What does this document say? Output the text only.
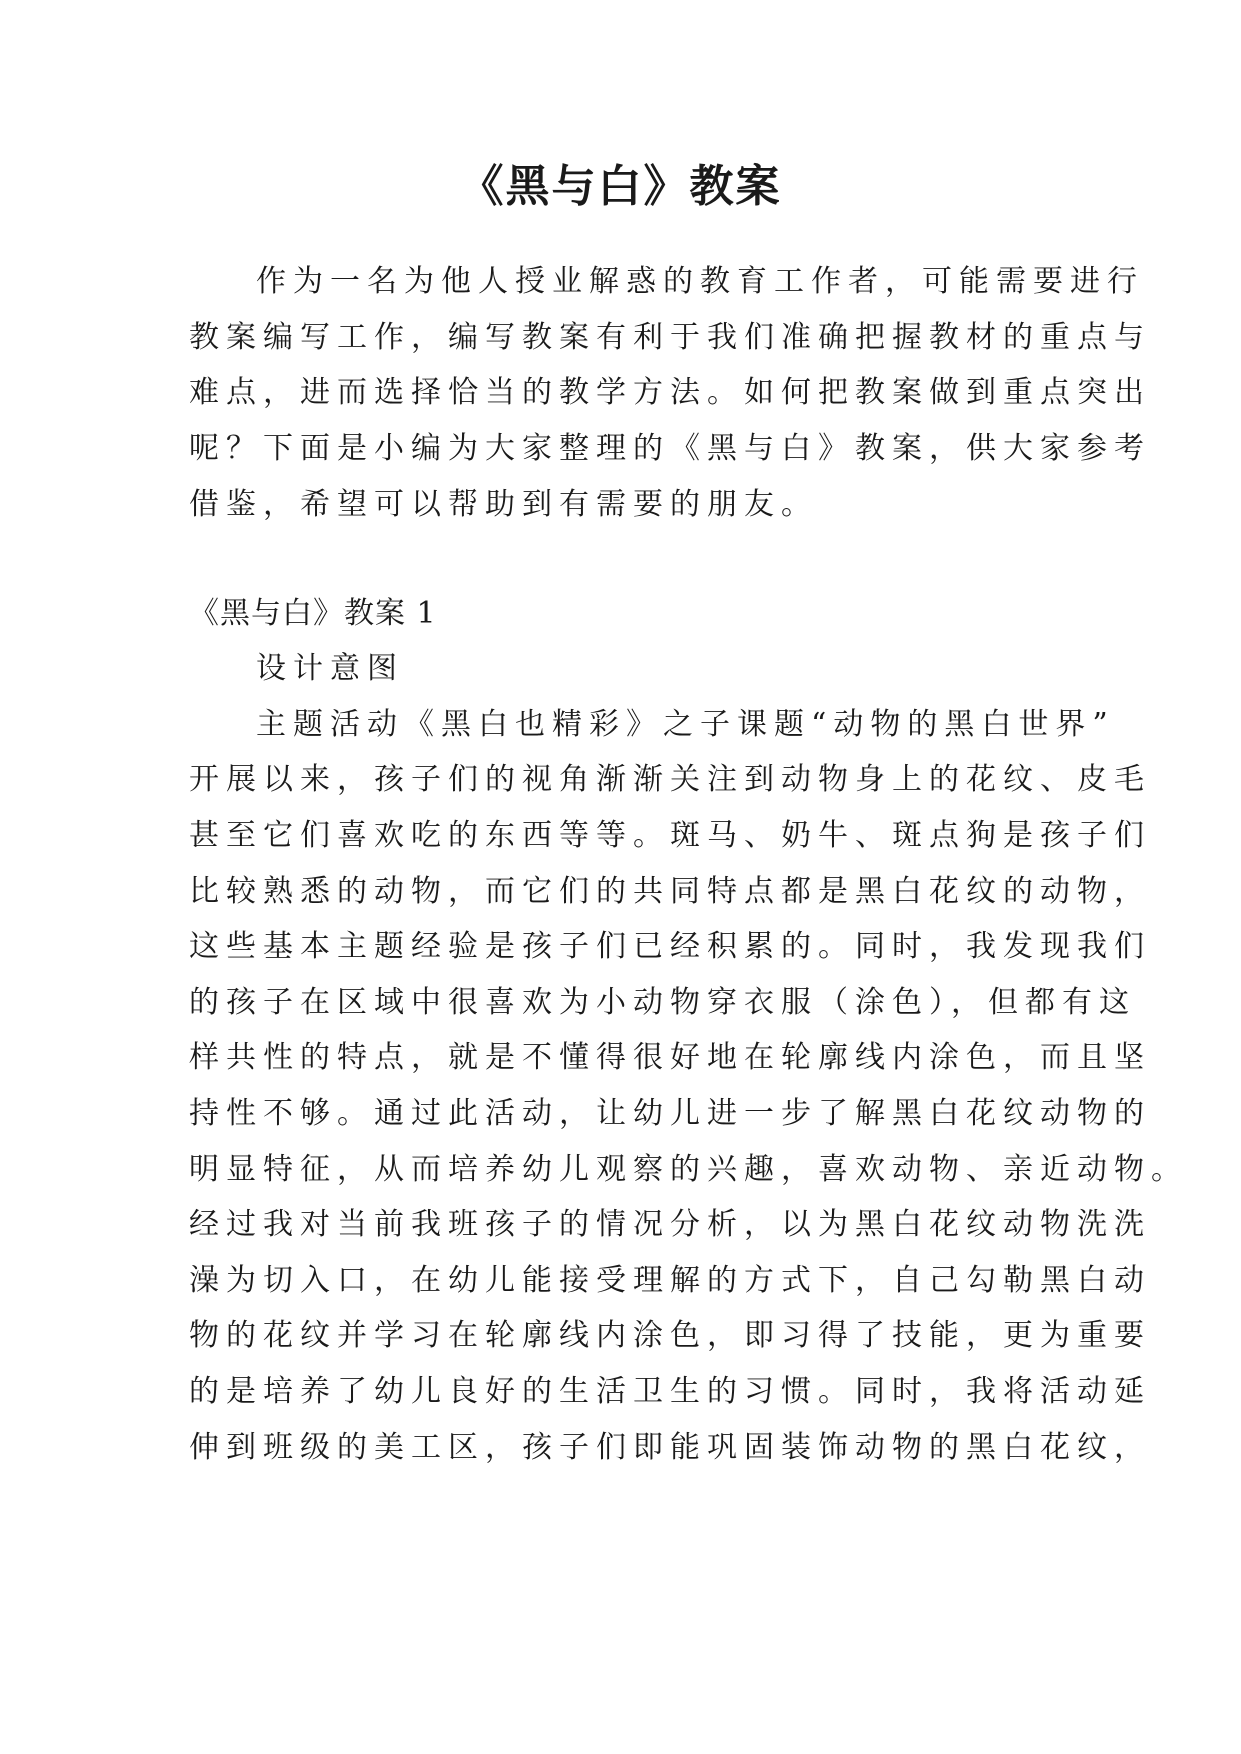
《黑与白》教案

作为一名为他人授业解惑的教育工作者，可能需要进行

教案编写工作，编写教案有利于我们准确把握教材的重点与

难点，进而选择恰当的教学方法。如何把教案做到重点突出

呢？下面是小编为大家整理的《黑与白》教案，供大家参考

借鉴，希望可以帮助到有需要的朋友。

《黑与白》教案 1

设计意图

主题活动《黑白也精彩》之子课题“动物的黑白世界”

开展以来，孩子们的视角渐渐关注到动物身上的花纹、皮毛

甚至它们喜欢吃的东西等等。斑马、奶牛、斑点狗是孩子们

比较熟悉的动物，而它们的共同特点都是黑白花纹的动物，

这些基本主题经验是孩子们已经积累的。同时，我发现我们

的孩子在区域中很喜欢为小动物穿衣服（涂色），但都有这

样共性的特点，就是不懂得很好地在轮廓线内涂色，而且坚

持性不够。通过此活动，让幼儿进一步了解黑白花纹动物的

明显特征，从而培养幼儿观察的兴趣，喜欢动物、亲近动物。

经过我对当前我班孩子的情况分析，以为黑白花纹动物洗洗

澡为切入口，在幼儿能接受理解的方式下，自己勾勒黑白动

物的花纹并学习在轮廓线内涂色，即习得了技能，更为重要

的是培养了幼儿良好的生活卫生的习惯。同时，我将活动延

伸到班级的美工区，孩子们即能巩固装饰动物的黑白花纹，
